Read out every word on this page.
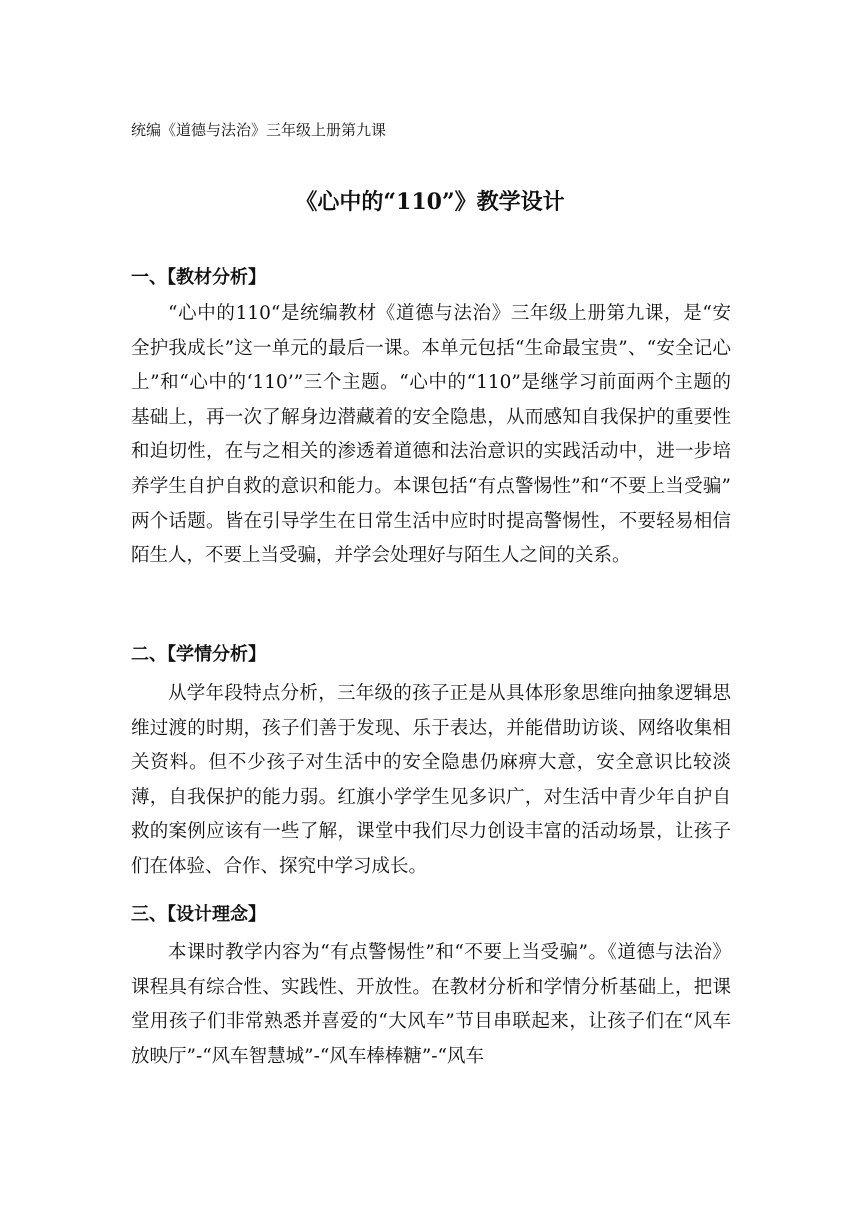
统编《道德与法治》三年级上册第九课
《心中的“110”》教学设计
一、【教材分析】
“心中的110“是统编教材《道德与法治》三年级上册第九课，是“安全护我成长”这一单元的最后一课。本单元包括“生命最宝贵”、“安全记心上”和“心中的‘110’”三个主题。“心中的“110”是继学习前面两个主题的基础上，再一次了解身边潜藏着的安全隐患，从而感知自我保护的重要性和迫切性，在与之相关的渗透着道德和法治意识的实践活动中，进一步培养学生自护自救的意识和能力。本课包括“有点警惕性”和“不要上当受骗” 两个话题。皆在引导学生在日常生活中应时时提高警惕性，不要轻易相信陌生人，不要上当受骗，并学会处理好与陌生人之间的关系。
二、【学情分析】
从学年段特点分析，三年级的孩子正是从具体形象思维向抽象逻辑思维过渡的时期，孩子们善于发现、乐于表达，并能借助访谈、网络收集相关资料。但不少孩子对生活中的安全隐患仍麻痹大意，安全意识比较淡薄，自我保护的能力弱。红旗小学学生见多识广，对生活中青少年自护自救的案例应该有一些了解，课堂中我们尽力创设丰富的活动场景，让孩子们在体验、合作、探究中学习成长。
三、【设计理念】
本课时教学内容为“有点警惕性”和“不要上当受骗”。《道德与法治》课程具有综合性、实践性、开放性。在教材分析和学情分析基础上，把课堂用孩子们非常熟悉并喜爱的“大风车”节目串联起来，让孩子们在“风车放映厅”-“风车智慧城”-“风车棒棒糖”-“风车
